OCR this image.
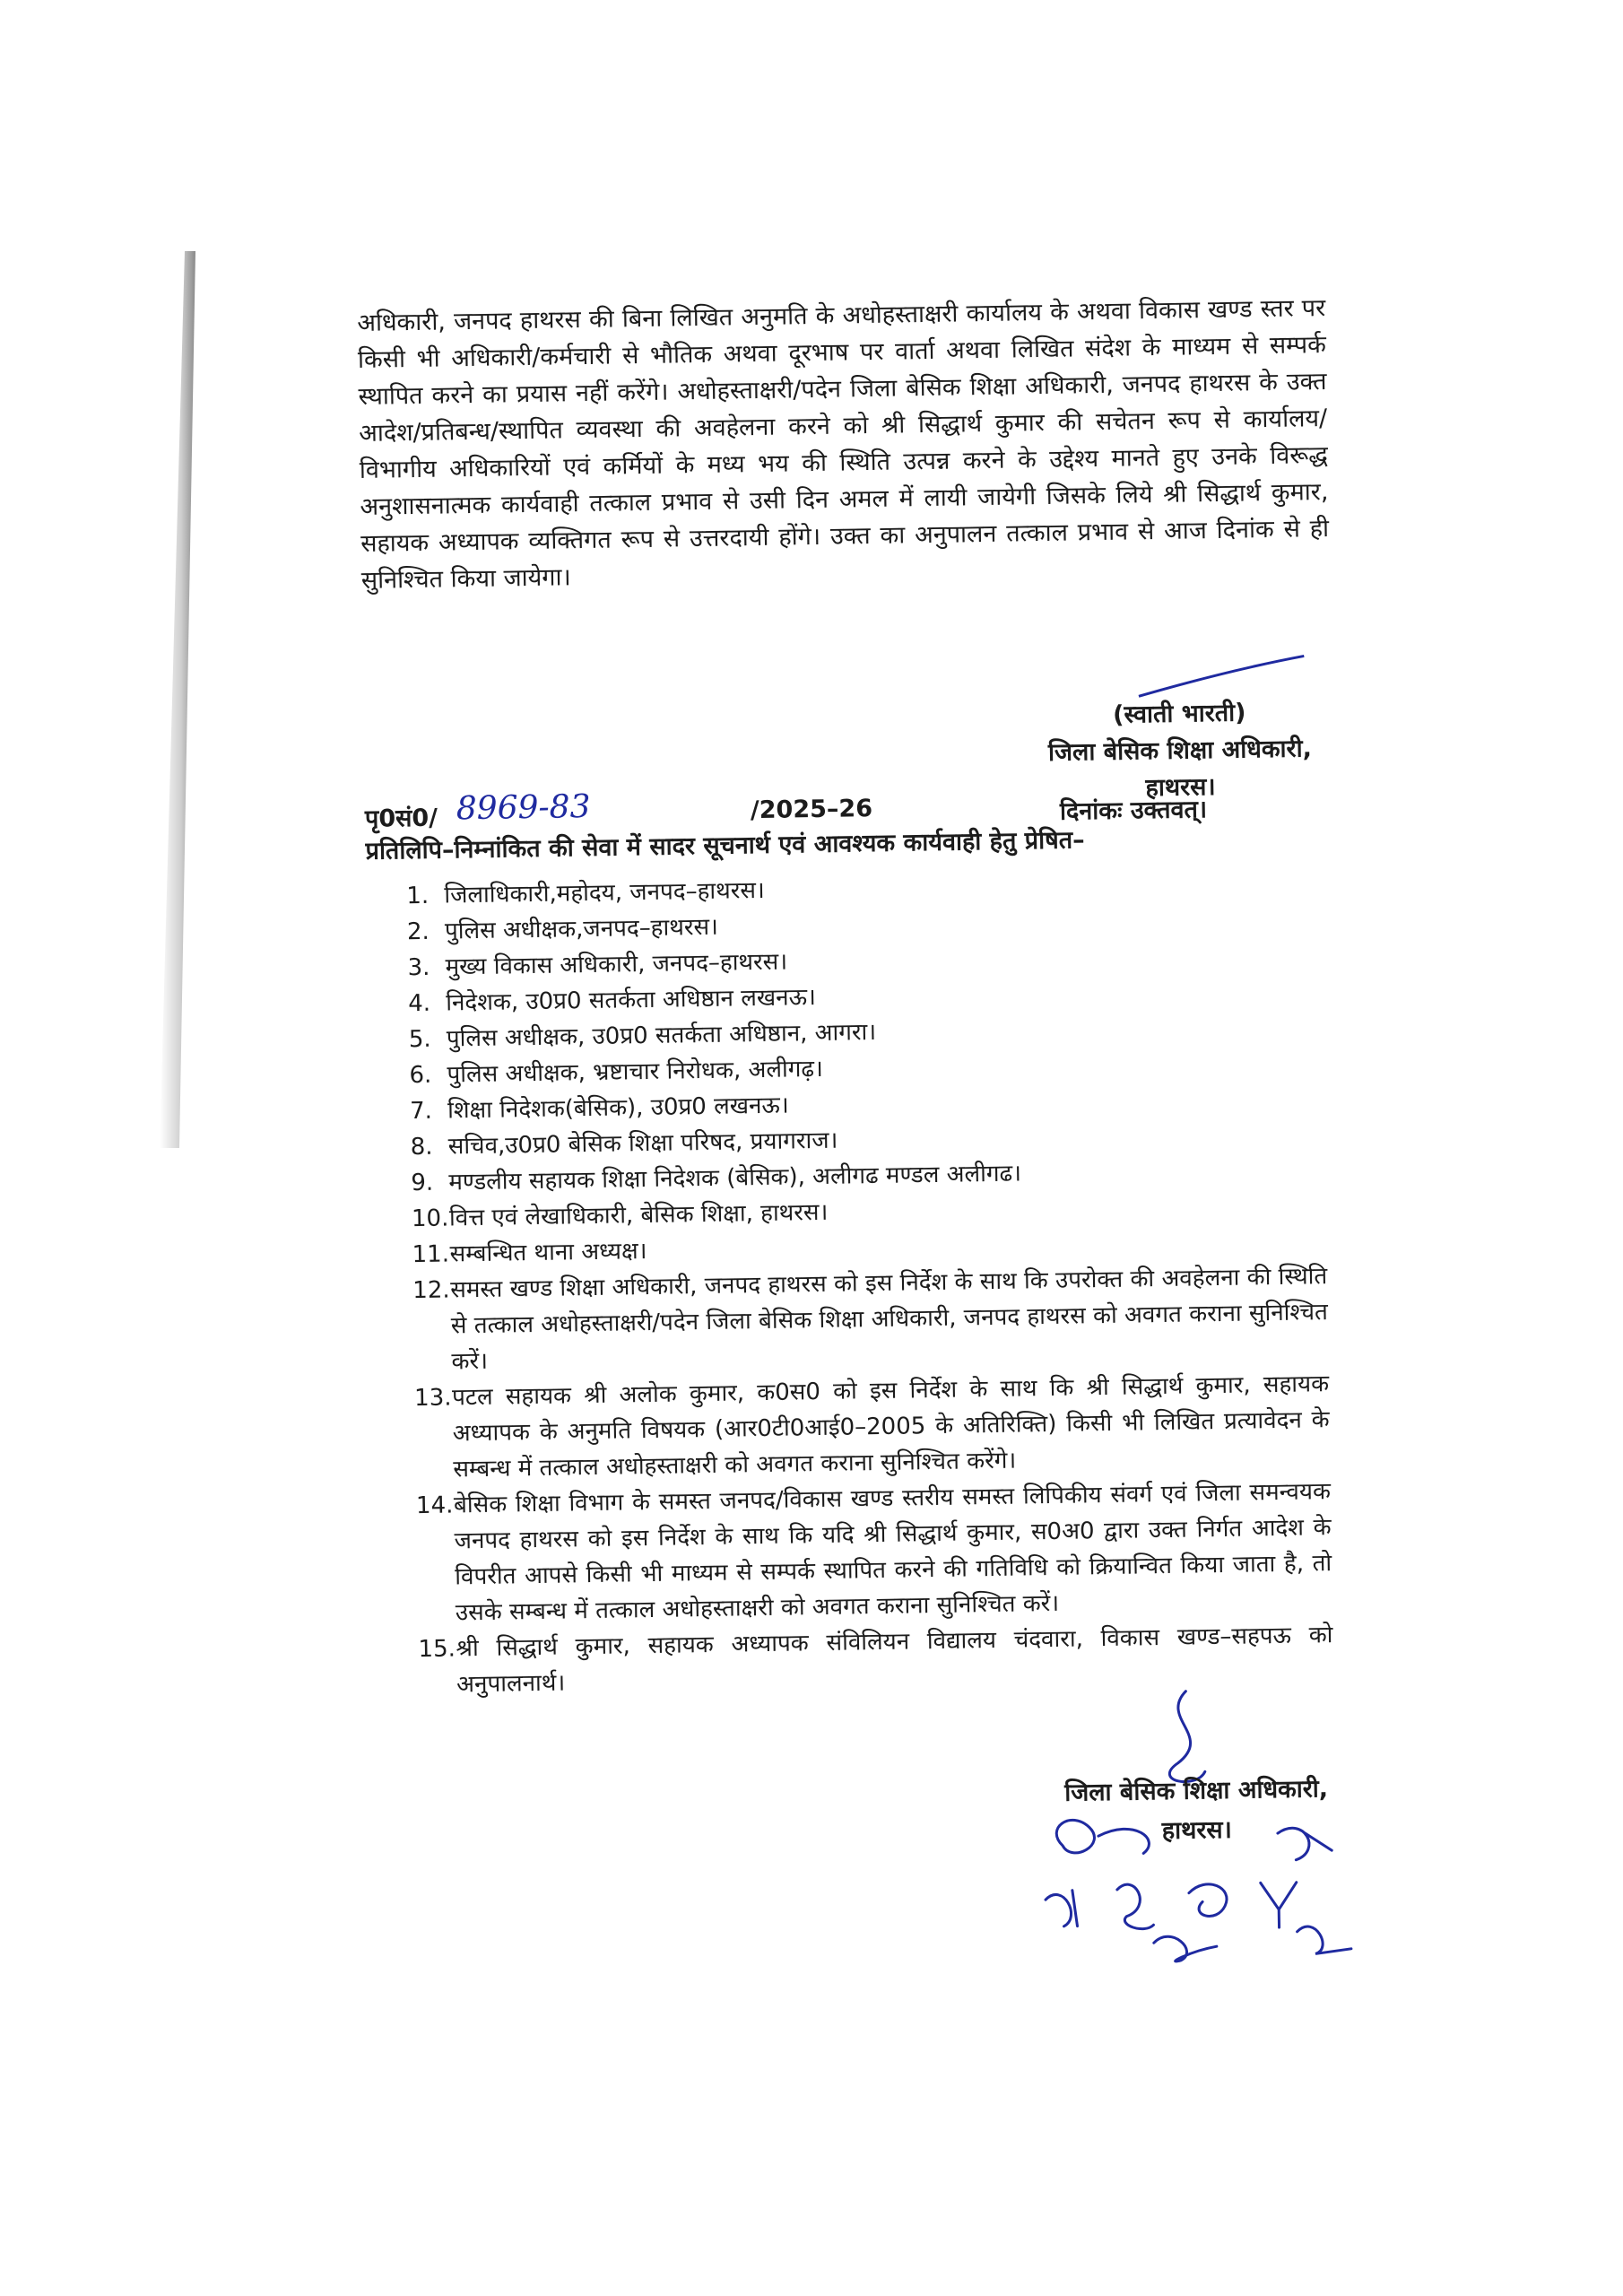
अधिकारी, जनपद हाथरस की बिना लिखित अनुमति के अधोहस्ताक्षरी कार्यालय के अथवा विकास खण्ड स्तर पर किसी भी अधिकारी/कर्मचारी से भौतिक अथवा दूरभाष पर वार्ता अथवा लिखित संदेश के माध्यम से सम्पर्क स्थापित करने का प्रयास नहीं करेंगे। अधोहस्ताक्षरी/पदेन जिला बेसिक शिक्षा अधिकारी, जनपद हाथरस के उक्त आदेश/प्रतिबन्ध/स्थापित व्यवस्था की अवहेलना करने को श्री सिद्धार्थ कुमार की सचेतन रूप से कार्यालय/विभागीय अधिकारियों एवं कर्मियों के मध्य भय की स्थिति उत्पन्न करने के उद्देश्य मानते हुए उनके विरूद्ध अनुशासनात्मक कार्यवाही तत्काल प्रभाव से उसी दिन अमल में लायी जायेगी जिसके लिये श्री सिद्धार्थ कुमार, सहायक अध्यापक व्यक्तिगत रूप से उत्तरदायी होंगे। उक्त का अनुपालन तत्काल प्रभाव से आज दिनांक से ही सुनिश्चित किया जायेगा।

(स्वाती भारती)
जिला बेसिक शिक्षा अधिकारी,
हाथरस।
पृ0सं0/ 8969-83	/2025–26	दिनांकः उक्तवत्।
प्रतिलिपि–निम्नांकित की सेवा में सादर सूचनार्थ एवं आवश्यक कार्यवाही हेतु प्रेषित–
1. जिलाधिकारी,महोदय, जनपद–हाथरस।
2. पुलिस अधीक्षक,जनपद–हाथरस।
3. मुख्य विकास अधिकारी, जनपद–हाथरस।
4. निदेशक, उ0प्र0 सतर्कता अधिष्ठान लखनऊ।
5. पुलिस अधीक्षक, उ0प्र0 सतर्कता अधिष्ठान, आगरा।
6. पुलिस अधीक्षक, भ्रष्टाचार निरोधक, अलीगढ़।
7. शिक्षा निदेशक(बेसिक), उ0प्र0 लखनऊ।
8. सचिव,उ0प्र0 बेसिक शिक्षा परिषद, प्रयागराज।
9. मण्डलीय सहायक शिक्षा निदेशक (बेसिक), अलीगढ मण्डल अलीगढ।
10. वित्त एवं लेखाधिकारी, बेसिक शिक्षा, हाथरस।
11. सम्बन्धित थाना अध्यक्ष।
12. समस्त खण्ड शिक्षा अधिकारी, जनपद हाथरस को इस निर्देश के साथ कि उपरोक्त की अवहेलना की स्थिति से तत्काल अधोहस्ताक्षरी/पदेन जिला बेसिक शिक्षा अधिकारी, जनपद हाथरस को अवगत कराना सुनिश्चित करें।
13. पटल सहायक श्री अलोक कुमार, क0स0 को इस निर्देश के साथ कि श्री सिद्धार्थ कुमार, सहायक अध्यापक के अनुमति विषयक (आर0टी0आई0–2005 के अतिरिक्ति) किसी भी लिखित प्रत्यावेदन के सम्बन्ध में तत्काल अधोहस्ताक्षरी को अवगत कराना सुनिश्चित करेंगे।
14. बेसिक शिक्षा विभाग के समस्त जनपद/विकास खण्ड स्तरीय समस्त लिपिकीय संवर्ग एवं जिला समन्वयक जनपद हाथरस को इस निर्देश के साथ कि यदि श्री सिद्धार्थ कुमार, स0अ0 द्वारा उक्त निर्गत आदेश के विपरीत आपसे किसी भी माध्यम से सम्पर्क स्थापित करने की गतिविधि को क्रियान्वित किया जाता है, तो उसके सम्बन्ध में तत्काल अधोहस्ताक्षरी को अवगत कराना सुनिश्चित करें।
15. श्री सिद्धार्थ कुमार, सहायक अध्यापक संविलियन विद्यालय चंदवारा, विकास खण्ड–सहपऊ को अनुपालनार्थ।
जिला बेसिक शिक्षा अधिकारी,
हाथरस।
